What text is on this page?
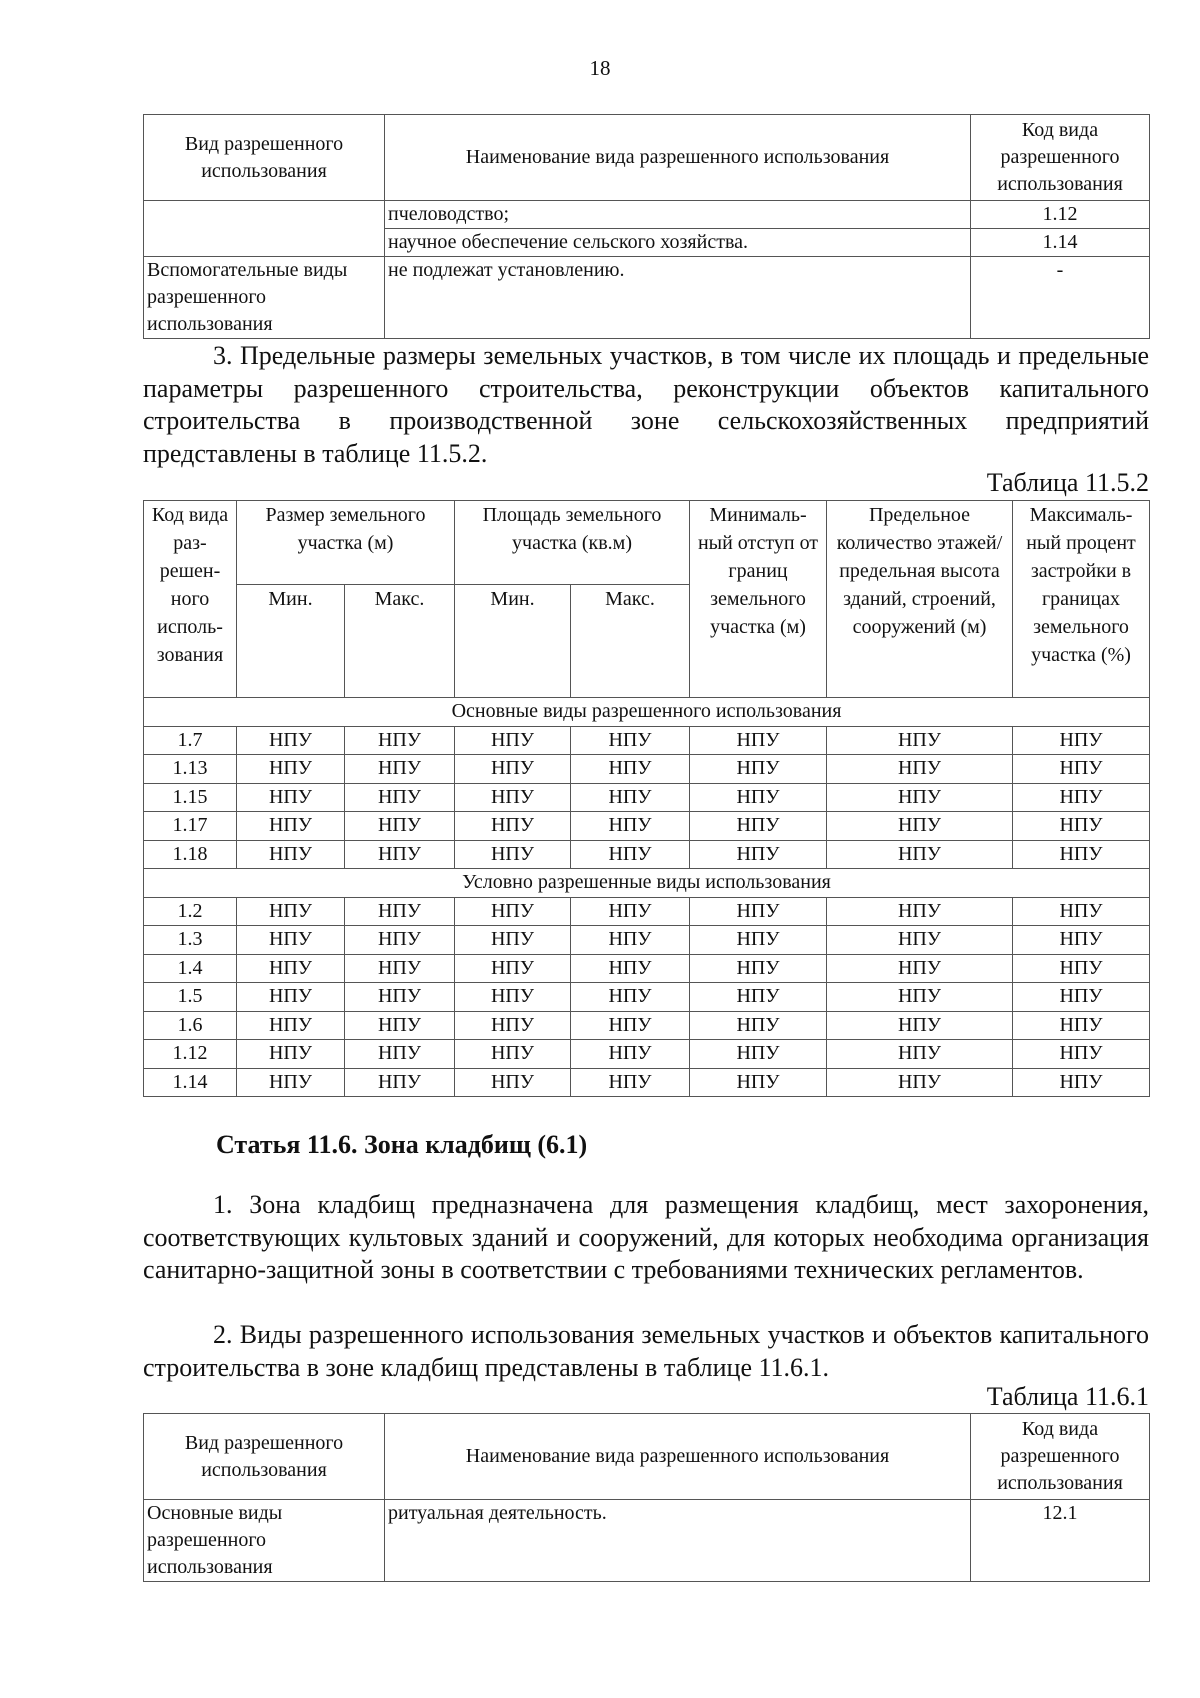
18
Вид разрешенного использования	Наименование вида разрешенного использования	Код вида разрешенного использования
	пчеловодство;	1.12
	научное обеспечение сельского хозяйства.	1.14
Вспомогательные виды разрешенного использования	не подлежат установлению.	-
3. Предельные размеры земельных участков, в том числе их площадь и предельные параметры разрешенного строительства, реконструкции объектов капитального строительства в производственной зоне сельскохозяйственных предприятий представлены в таблице 11.5.2.
Таблица 11.5.2
Код вида раз-решен-ного исполь-зования	Размер земельного участка (м)		Площадь земельного участка (кв.м)		Минималь-ный отступ от границ земельного участка (м)	Предельное количество этажей/ предельная высота зданий, строений, сооружений (м)	Максималь-ный процент застройки в границах земельного участка (%)
	Мин.	Макс.	Мин.	Макс.			
Основные виды разрешенного использования							
1.7	НПУ	НПУ	НПУ	НПУ	НПУ	НПУ	НПУ
1.13	НПУ	НПУ	НПУ	НПУ	НПУ	НПУ	НПУ
1.15	НПУ	НПУ	НПУ	НПУ	НПУ	НПУ	НПУ
1.17	НПУ	НПУ	НПУ	НПУ	НПУ	НПУ	НПУ
1.18	НПУ	НПУ	НПУ	НПУ	НПУ	НПУ	НПУ
Условно разрешенные виды использования							
1.2	НПУ	НПУ	НПУ	НПУ	НПУ	НПУ	НПУ
1.3	НПУ	НПУ	НПУ	НПУ	НПУ	НПУ	НПУ
1.4	НПУ	НПУ	НПУ	НПУ	НПУ	НПУ	НПУ
1.5	НПУ	НПУ	НПУ	НПУ	НПУ	НПУ	НПУ
1.6	НПУ	НПУ	НПУ	НПУ	НПУ	НПУ	НПУ
1.12	НПУ	НПУ	НПУ	НПУ	НПУ	НПУ	НПУ
1.14	НПУ	НПУ	НПУ	НПУ	НПУ	НПУ	НПУ
Статья 11.6. Зона кладбищ (6.1)
1. Зона кладбищ предназначена для размещения кладбищ, мест захоронения, соответствующих культовых зданий и сооружений, для которых необходима организация санитарно-защитной зоны в соответствии с требованиями технических регламентов.
2. Виды разрешенного использования земельных участков и объектов капитального строительства в зоне кладбищ представлены в таблице 11.6.1.
Таблица 11.6.1
Вид разрешенного использования	Наименование вида разрешенного использования	Код вида разрешенного использования
Основные виды разрешенного использования	ритуальная деятельность.	12.1
